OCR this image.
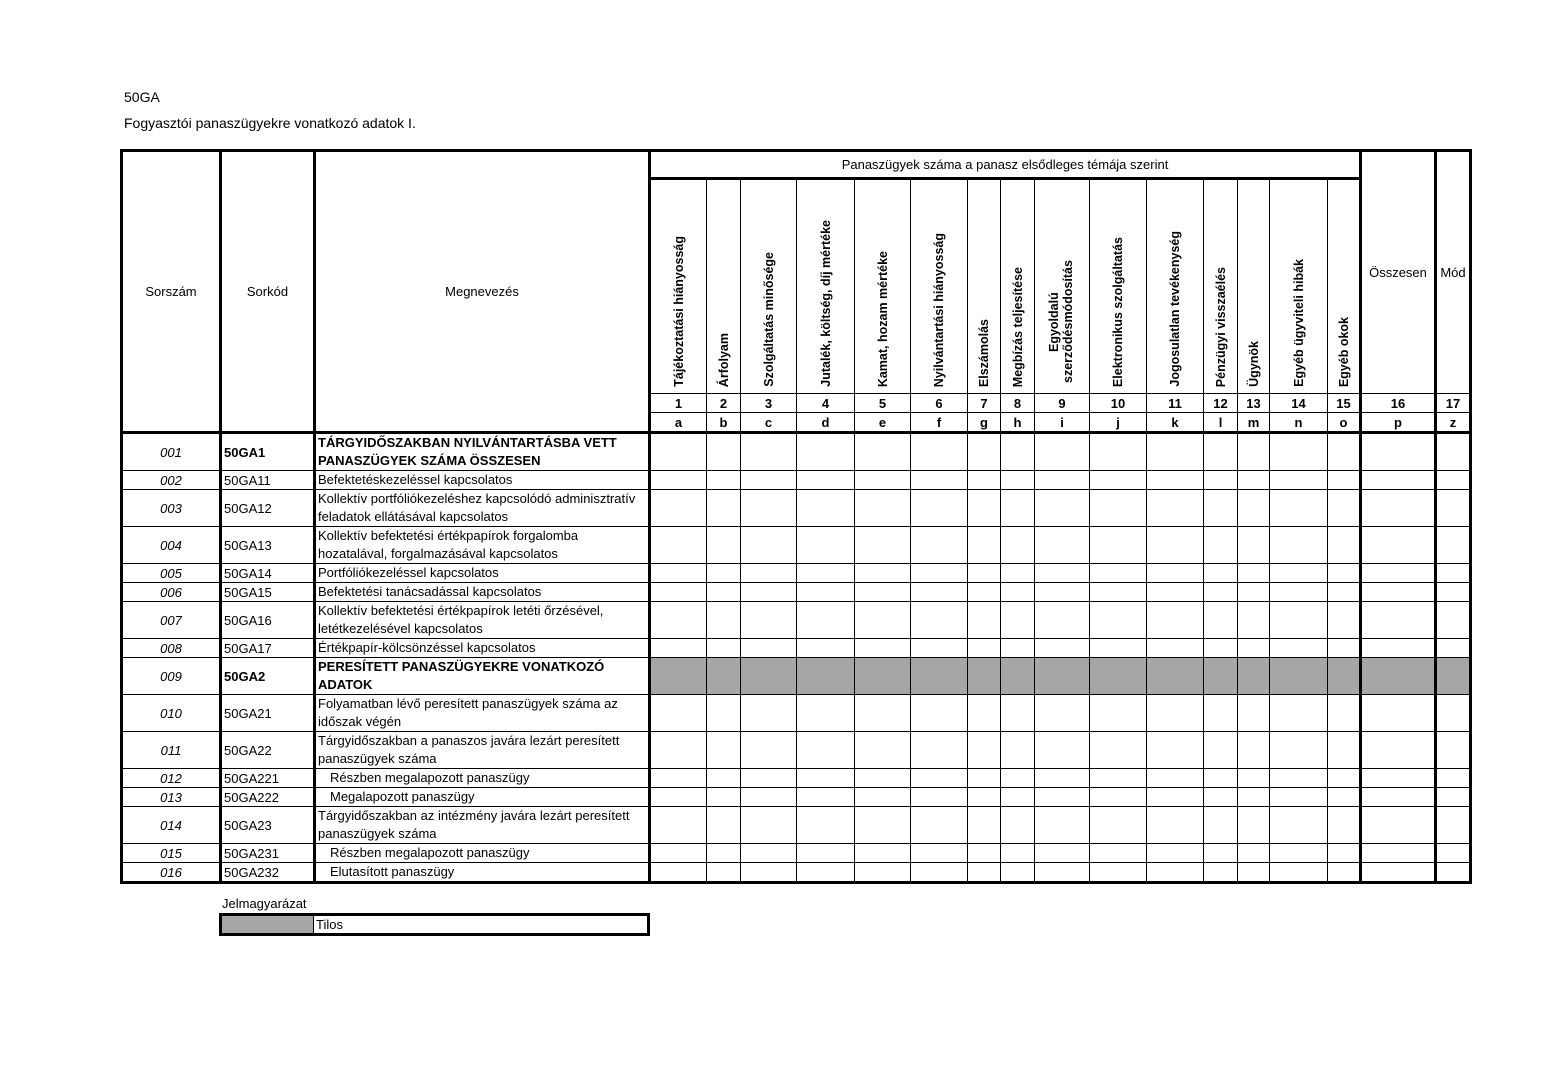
50GA
Fogyasztói panaszügyekre vonatkozó adatok I.
Sorszám	Sorkód	Megnevezés	Panaszügyek száma a panasz elsődleges témája szerint															Összesen	Mód

			Tájékoztatási hiányosság	Árfolyam	Szolgáltatás minősége	Jutalék, költség, díj mértéke	Kamat, hozam mértéke	Nyilvántartási hiányosság	Elszámolás	Megbízás teljesítése	Egyoldalú szerződésmódosítás	Elektronikus szolgáltatás	Jogosulatlan tevékenység	Pénzügyi visszaélés	Ügynök	Egyéb ügyviteli hibák	Egyéb okok		

			1	2	3	4	5	6	7	8	9	10	11	12	13	14	15	16	17
			a	b	c	d	e	f	g	h	i	j	k	l	m	n	o	p	z
001	50GA1	TÁRGYIDŐSZAKBAN NYILVÁNTARTÁSBA VETT PANASZÜGYEK SZÁMA ÖSSZESEN																	
002	50GA11	Befektetéskezeléssel kapcsolatos																	
003	50GA12	Kollektív portfóliókezeléshez kapcsolódó adminisztratív feladatok ellátásával kapcsolatos																	
004	50GA13	Kollektív befektetési értékpapírok forgalomba hozatalával, forgalmazásával kapcsolatos																	
005	50GA14	Portfóliókezeléssel kapcsolatos																	
006	50GA15	Befektetési tanácsadással kapcsolatos																	
007	50GA16	Kollektív befektetési értékpapírok letéti őrzésével, letétkezelésével kapcsolatos																	
008	50GA17	Értékpapír-kölcsönzéssel kapcsolatos																	
009	50GA2	PERESÍTETT PANASZÜGYEKRE VONATKOZÓ ADATOK																	
010	50GA21	Folyamatban lévő peresített panaszügyek száma az időszak végén																	
011	50GA22	Tárgyidőszakban a panaszos javára lezárt peresített panaszügyek száma																	
012	50GA221	Részben megalapozott panaszügy																	
013	50GA222	Megalapozott panaszügy																	
014	50GA23	Tárgyidőszakban az intézmény javára lezárt peresített panaszügyek száma																	
015	50GA231	Részben megalapozott panaszügy																	
016	50GA232	Elutasított panaszügy																	
Jelmagyarázat
	Tilos
